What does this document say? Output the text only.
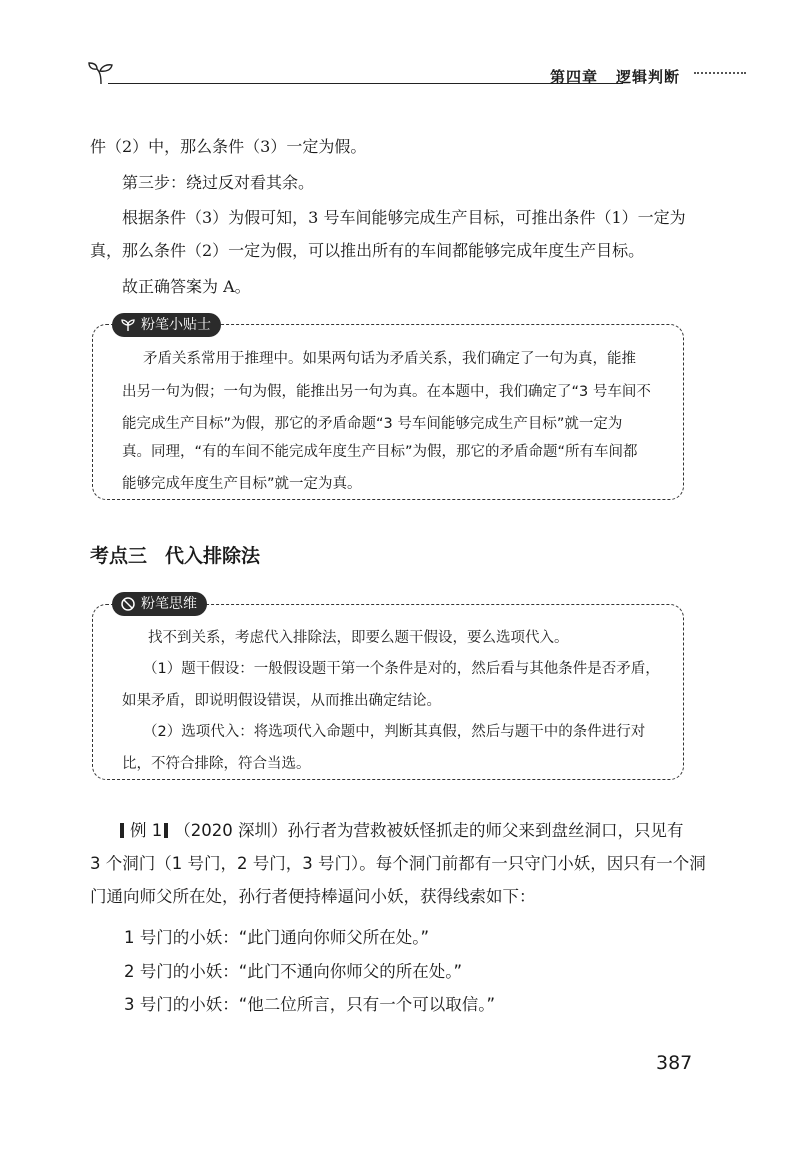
第四章 逻辑判断
件（2）中，那么条件（3）一定为假。
第三步：绕过反对看其余。
根据条件（3）为假可知，3 号车间能够完成生产目标，可推出条件（1）一定为
真，那么条件（2）一定为假，可以推出所有的车间都能够完成年度生产目标。
故正确答案为 A。
粉笔小贴士
矛盾关系常用于推理中。如果两句话为矛盾关系，我们确定了一句为真，能推
出另一句为假；一句为假，能推出另一句为真。在本题中，我们确定了“3 号车间不
能完成生产目标”为假，那它的矛盾命题“3 号车间能够完成生产目标”就一定为
真。同理，“有的车间不能完成年度生产目标”为假，那它的矛盾命题“所有车间都
能够完成年度生产目标”就一定为真。
考点三 代入排除法
粉笔思维
找不到关系，考虑代入排除法，即要么题干假设，要么选项代入。
（1）题干假设：一般假设题干第一个条件是对的，然后看与其他条件是否矛盾，
如果矛盾，即说明假设错误，从而推出确定结论。
（2）选项代入：将选项代入命题中，判断其真假，然后与题干中的条件进行对
比，不符合排除，符合当选。
例 1 （2020 深圳）孙行者为营救被妖怪抓走的师父来到盘丝洞口，只见有
3 个洞门（1 号门，2 号门，3 号门）。每个洞门前都有一只守门小妖，因只有一个洞
门通向师父所在处，孙行者便持棒逼问小妖，获得线索如下：
1 号门的小妖：“此门通向你师父所在处。”
2 号门的小妖：“此门不通向你师父的所在处。”
3 号门的小妖：“他二位所言，只有一个可以取信。”
387
